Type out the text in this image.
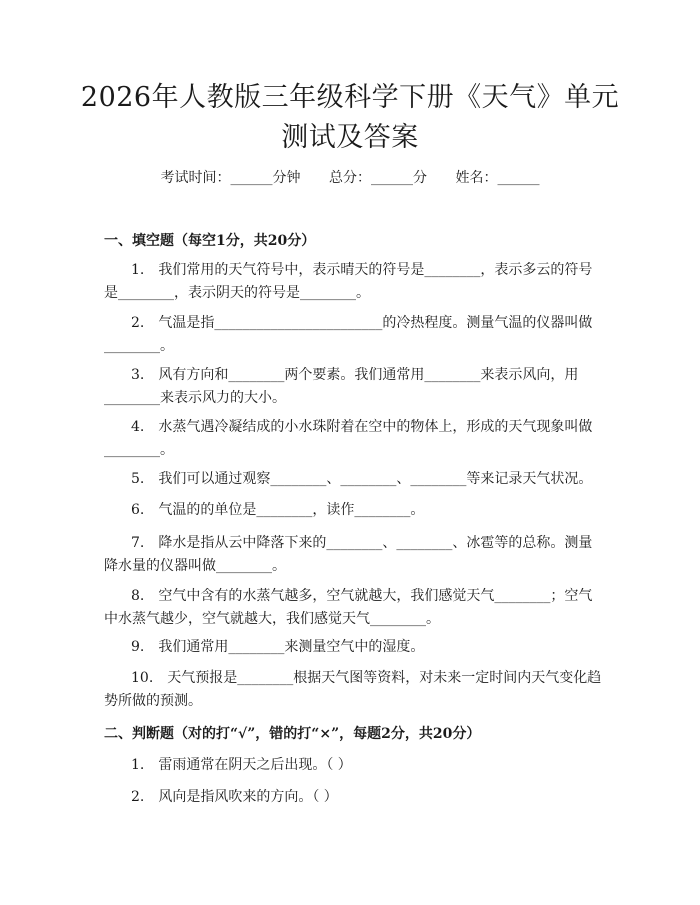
2026年人教版三年级科学下册《天气》单元
测试及答案
考试时间：______分钟 总分：______分 姓名：______
一、填空题（每空1分，共20分）
1. 我们常用的天气符号中，表示晴天的符号是________，表示多云的符号是________，表示阴天的符号是________。
2. 气温是指________________________的冷热程度。测量气温的仪器叫做________。
3. 风有方向和________两个要素。我们通常用________来表示风向，用________来表示风力的大小。
4. 水蒸气遇冷凝结成的小水珠附着在空中的物体上，形成的天气现象叫做________。
5. 我们可以通过观察________、________、________等来记录天气状况。
6. 气温的的单位是________，读作________。
7. 降水是指从云中降落下来的________、________、冰雹等的总称。测量降水量的仪器叫做________。
8. 空气中含有的水蒸气越多，空气就越大，我们感觉天气________；空气中水蒸气越少，空气就越大，我们感觉天气________。
9. 我们通常用________来测量空气中的湿度。
10. 天气预报是________根据天气图等资料，对未来一定时间内天气变化趋势所做的预测。
二、判断题（对的打“√”，错的打“×”，每题2分，共20分）
1. 雷雨通常在阴天之后出现。（ ）
2. 风向是指风吹来的方向。（ ）
